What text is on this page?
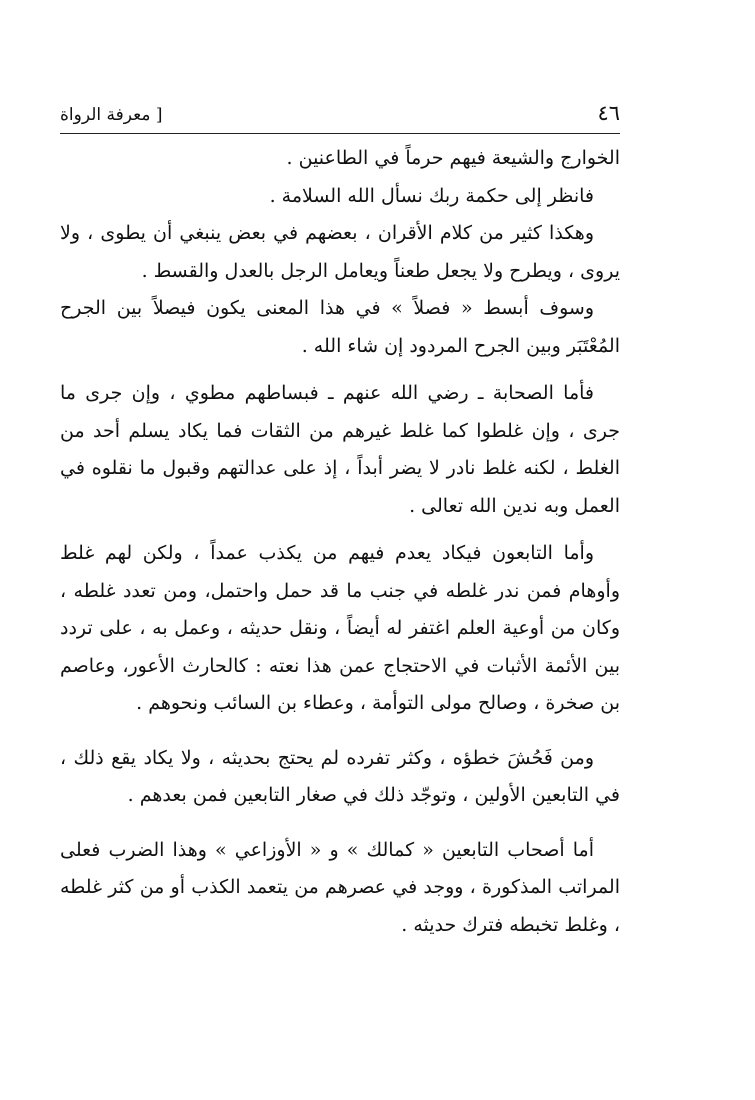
٤٦
[ معرفة الرواة

الخوارج والشيعة فيهم حرماً في الطاعنين .

فانظر إلى حكمة ربك نسأل الله السلامة .

وهكذا كثير من كلام الأقران ، بعضهم في بعض ينبغي أن يطوى ، ولا يروى ، ويطرح ولا يجعل طعناً ويعامل الرجل بالعدل والقسط .

وسوف أبسط « فصلاً » في هذا المعنى يكون فيصلاً بين الجرح المُعْتَبَر وبين الجرح المردود إن شاء الله .

فأما الصحابة ـ رضي الله عنهم ـ فبساطهم مطوي ، وإن جرى ما جرى ، وإن غلطوا كما غلط غيرهم من الثقات فما يكاد يسلم أحد من الغلط ، لكنه غلط نادر لا يضر أبداً ، إذ على عدالتهم وقبول ما نقلوه في العمل وبه ندين الله تعالى .

وأما التابعون فيكاد يعدم فيهم من يكذب عمداً ، ولكن لهم غلط وأوهام فمن ندر غلطه في جنب ما قد حمل واحتمل، ومن تعدد غلطه ، وكان من أوعية العلم اغتفر له أيضاً ، ونقل حديثه ، وعمل به ، على تردد بين الأئمة الأثبات في الاحتجاج عمن هذا نعته : كالحارث الأعور، وعاصم بن صخرة ، وصالح مولى التوأمة ، وعطاء بن السائب ونحوهم .

ومن فَحُشَ خطؤه ، وكثر تفرده لم يحتج بحديثه ، ولا يكاد يقع ذلك ، في التابعين الأولين ، وتوجّد ذلك في صغار التابعين فمن بعدهم .

أما أصحاب التابعين « كمالك » و « الأوزاعي » وهذا الضرب فعلى المراتب المذكورة ، ووجد في عصرهم من يتعمد الكذب أو من كثر غلطه ، وغلط تخبطه فترك حديثه .
